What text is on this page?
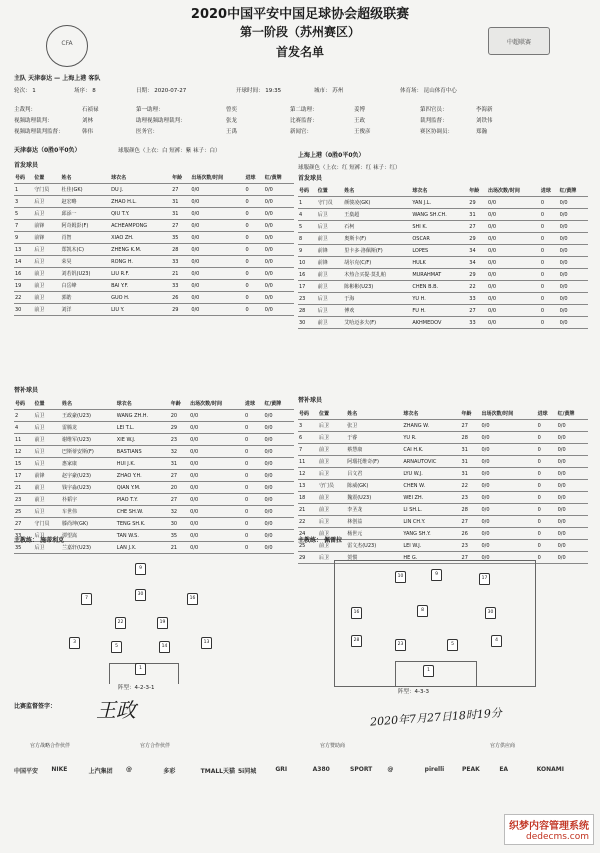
CFA
2020中国平安中国足球协会超级联赛
第一阶段（苏州赛区）
首发名单
中超联赛
主队 天津泰达 — 上海上港 客队
轮次： 1	场序： 8	日期： 2020-07-27	开球时间： 19:35	城市： 苏州	体育场： 昆山体育中心
主裁判：	石祯禄	第一助理：	曾奕	第二助理：	姜博	第四官员：	李海新
视频助理裁判：	刘林	助理视频助理裁判：	张龙	比赛监督：	王政	裁判监督：	刘铁伟
视频助理裁判监督：	韩伟	医务官：	王禹	新闻官：	王俊彦	赛区协调员：	郑瀚
天津泰达（0胜0平0负）	球服颜色（上衣：白 短裤：紫 袜子：白）
首发球员
号码	位置	姓名	球衣名	年龄	出场次数/时间	进球	红/黄牌
1	守门员	杜佳(GK)	DU J.	27	0/0	0	0/0
3	后卫	赵宏略	ZHAO H.L.	31	0/0	0	0/0
5	后卫	邱添一	QIU T.Y.	31	0/0	0	0/0
7	前锋	阿奇姆彭(F)	ACHEAMPONG	27	0/0	0	0/0
9	前锋	肖智	XIAO ZH.	35	0/0	0	0/0
13	后卫	郑凯木(C)	ZHENG K.M.	28	0/0	0	0/0
14	后卫	荣昊	RONG H.	33	0/0	0	0/0
16	前卫	刘若钒(U23)	LIU R.F.	21	0/0	0	0/0
19	前卫	白岳峰	BAI Y.F.	33	0/0	0	0/0
22	前卫	郭皓	GUO H.	26	0/0	0	0/0
30	前卫	刘洋	LIU Y.	29	0/0	0	0/0
替补球员
号码	位置	姓名	球衣名	年龄	出场次数/时间	进球	红/黄牌
2	后卫	王政豪(U23)	WANG ZH.H.	20	0/0	0	0/0
4	后卫	雷腾龙	LEI T.L.	29	0/0	0	0/0
11	前卫	谢维军(U23)	XIE W.J.	23	0/0	0	0/0
12	后卫	巴斯蒂安斯(F)	BASTIANS	32	0/0	0	0/0
15	后卫	惠家康	HUI J.K.	31	0/0	0	0/0
17	前锋	赵宇豪(U23)	ZHAO Y.H.	27	0/0	0	0/0
21	前卫	钱宇淼(U23)	QIAN Y.M.	20	0/0	0	0/0
23	前卫	朴韬宇	PIAO T.Y.	27	0/0	0	0/0
25	后卫	车世伟	CHE SH.W.	32	0/0	0	0/0
27	守门员	滕尚坤(GK)	TENG SH.K.	30	0/0	0	0/0
33	后卫	谭望嵩	TAN W.S.	35	0/0	0	0/0
35	后卫	兰嘉轩(U23)	LAN J.X.	21	0/0	0	0/0
主教练： 施蒂利克
上海上港（0胜0平0负）
球服颜色（上衣：红 短裤：红 袜子：红）
首发球员
号码	位置	姓名	球衣名	年龄	出场次数/时间	进球	红/黄牌
1	守门员	颜骏凌(GK)	YAN J.L.	29	0/0	0	0/0
4	后卫	王燊超	WANG SH.CH.	31	0/0	0	0/0
5	后卫	石柯	SHI K.	27	0/0	0	0/0
8	前卫	奥斯卡(F)	OSCAR	29	0/0	0	0/0
9	前锋	里卡多·洛佩斯(F)	LOPES	34	0/0	0	0/0
10	前锋	胡尔克(C/F)	HULK	34	0/0	0	0/0
16	前卫	木热合买提·莫扎帕	MURAHMAT	29	0/0	0	0/0
17	前卫	陈彬彬(U23)	CHEN B.B.	22	0/0	0	0/0
23	后卫	于海	YU H.	33	0/0	0	0/0
28	后卫	傅欢	FU H.	27	0/0	0	0/0
30	前卫	艾哈迈多夫(F)	AKHMEDOV	33	0/0	0	0/0
替补球员
号码	位置	姓名	球衣名	年龄	出场次数/时间	进球	红/黄牌
3	后卫	张卫	ZHANG W.	27	0/0	0	0/0
6	后卫	于睿	YU R.	28	0/0	0	0/0
7	前卫	蔡慧康	CAI H.K.	31	0/0	0	0/0
11	前卫	阿瑙托维奇(F)	ARNAUTOVIC	31	0/0	0	0/0
12	后卫	吕文君	LYU W.J.	31	0/0	0	0/0
13	守门员	陈威(GK)	CHEN W.	22	0/0	0	0/0
18	前卫	魏震(U23)	WEI ZH.	23	0/0	0	0/0
21	前卫	李圣龙	LI SH.L.	28	0/0	0	0/0
22	后卫	林创益	LIN CH.Y.	27	0/0	0	0/0
24	前卫	杨世元	YANG SH.Y.	26	0/0	0	0/0
25	前卫	雷文杰(U23)	LEI W.J.	23	0/0	0	0/0
29	后卫	贺惯	HE G.	27	0/0	0	0/0
主教练： 佩雷拉
9
7
30
16
22	19
3
5	14
13
1
阵型：4-2-3-1
10	9
17
16	8	30
28
23	5
4
1
阵型：4-3-3
比赛监督签字： 王政	2020年7月27日18时19分
官方战略合作伙伴	官方合作伙伴	官方赞助商	官方供应商
中国平安 NIKE	上汽集团 @	多彩	TMALL天猫 5i同城	GRI	A380	SPORT	@	pirelli	PEAK	EA	KONAMI
织梦内容管理系统
dedecms.com
